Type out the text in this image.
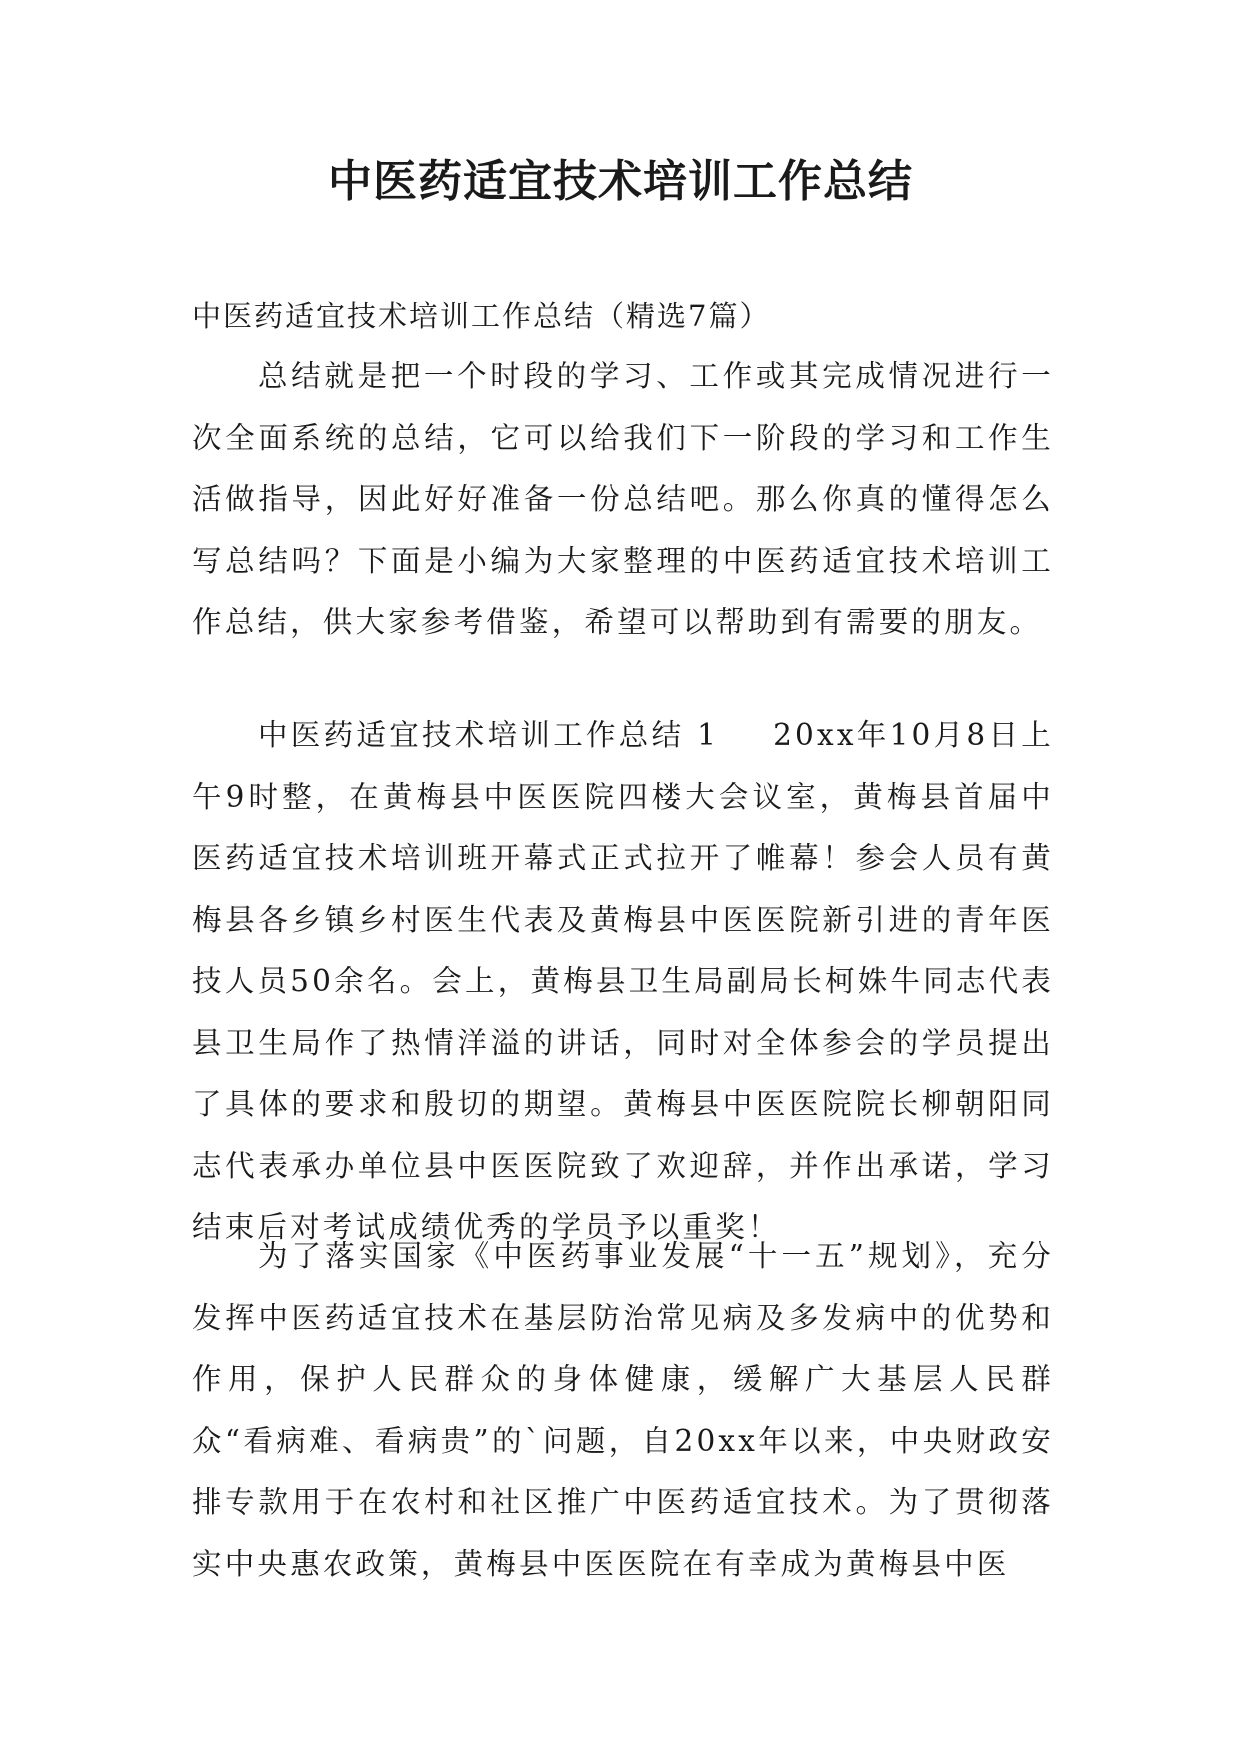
中医药适宜技术培训工作总结

中医药适宜技术培训工作总结（精选7篇）

总结就是把一个时段的学习、工作或其完成情况进行一次全面系统的总结，它可以给我们下一阶段的学习和工作生活做指导，因此好好准备一份总结吧。那么你真的懂得怎么写总结吗？下面是小编为大家整理的中医药适宜技术培训工作总结，供大家参考借鉴，希望可以帮助到有需要的朋友。

中医药适宜技术培训工作总结 1 20xx年10月8日上午9时整，在黄梅县中医医院四楼大会议室，黄梅县首届中医药适宜技术培训班开幕式正式拉开了帷幕！参会人员有黄梅县各乡镇乡村医生代表及黄梅县中医医院新引进的青年医技人员50余名。会上，黄梅县卫生局副局长柯姝牛同志代表县卫生局作了热情洋溢的讲话，同时对全体参会的学员提出了具体的要求和殷切的期望。黄梅县中医医院院长柳朝阳同志代表承办单位县中医医院致了欢迎辞，并作出承诺，学习结束后对考试成绩优秀的学员予以重奖！

为了落实国家《中医药事业发展“十一五”规划》，充分发挥中医药适宜技术在基层防治常见病及多发病中的优势和作用，保护人民群众的身体健康，缓解广大基层人民群众“看病难、看病贵”的`问题，自20xx年以来，中央财政安排专款用于在农村和社区推广中医药适宜技术。为了贯彻落实中央惠农政策，黄梅县中医医院在有幸成为黄梅县中医
